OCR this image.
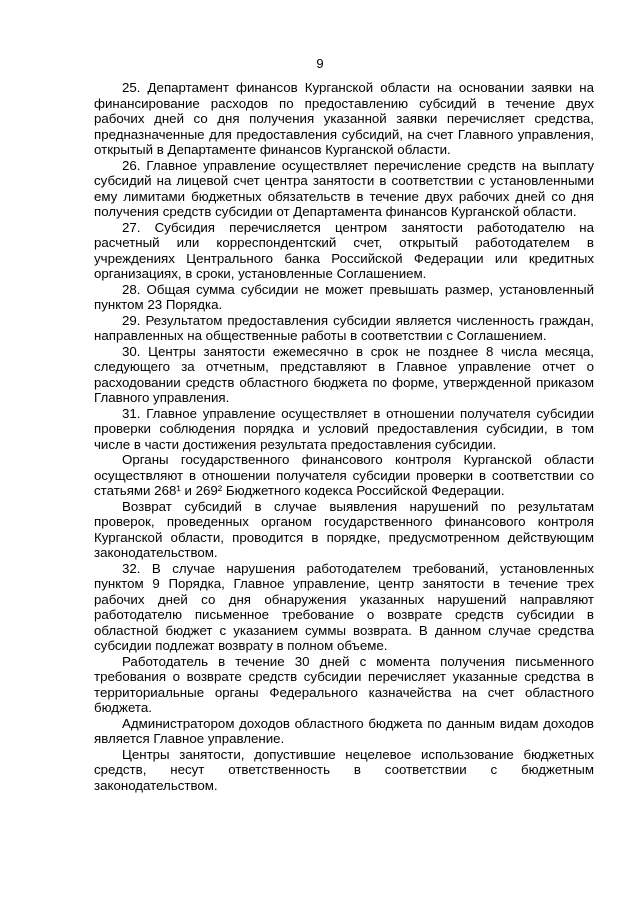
9

25. Департамент финансов Курганской области на основании заявки на финансирование расходов по предоставлению субсидий в течение двух рабочих дней со дня получения указанной заявки перечисляет средства, предназначенные для предоставления субсидий, на счет Главного управления, открытый в Департаменте финансов Курганской области.

26. Главное управление осуществляет перечисление средств на выплату субсидий на лицевой счет центра занятости в соответствии с установленными ему лимитами бюджетных обязательств в течение двух рабочих дней со дня получения средств субсидии от Департамента финансов Курганской области.

27. Субсидия перечисляется центром занятости работодателю на расчетный или корреспондентский счет, открытый работодателем в учреждениях Центрального банка Российской Федерации или кредитных организациях, в сроки, установленные Соглашением.

28. Общая сумма субсидии не может превышать размер, установленный пунктом 23 Порядка.

29. Результатом предоставления субсидии является численность граждан, направленных на общественные работы в соответствии с Соглашением.

30. Центры занятости ежемесячно в срок не позднее 8 числа месяца, следующего за отчетным, представляют в Главное управление отчет о расходовании средств областного бюджета по форме, утвержденной приказом Главного управления.

31. Главное управление осуществляет в отношении получателя субсидии проверки соблюдения порядка и условий предоставления субсидии, в том числе в части достижения результата предоставления субсидии.

Органы государственного финансового контроля Курганской области осуществляют в отношении получателя субсидии проверки в соответствии со статьями 268¹ и 269² Бюджетного кодекса Российской Федерации.

Возврат субсидий в случае выявления нарушений по результатам проверок, проведенных органом государственного финансового контроля Курганской области, проводится в порядке, предусмотренном действующим законодательством.

32. В случае нарушения работодателем требований, установленных пунктом 9 Порядка, Главное управление, центр занятости в течение трех рабочих дней со дня обнаружения указанных нарушений направляют работодателю письменное требование о возврате средств субсидии в областной бюджет с указанием суммы возврата. В данном случае средства субсидии подлежат возврату в полном объеме.

Работодатель в течение 30 дней с момента получения письменного требования о возврате средств субсидии перечисляет указанные средства в территориальные органы Федерального казначейства на счет областного бюджета.

Администратором доходов областного бюджета по данным видам доходов является Главное управление.

Центры занятости, допустившие нецелевое использование бюджетных средств, несут ответственность в соответствии с бюджетным законодательством.
